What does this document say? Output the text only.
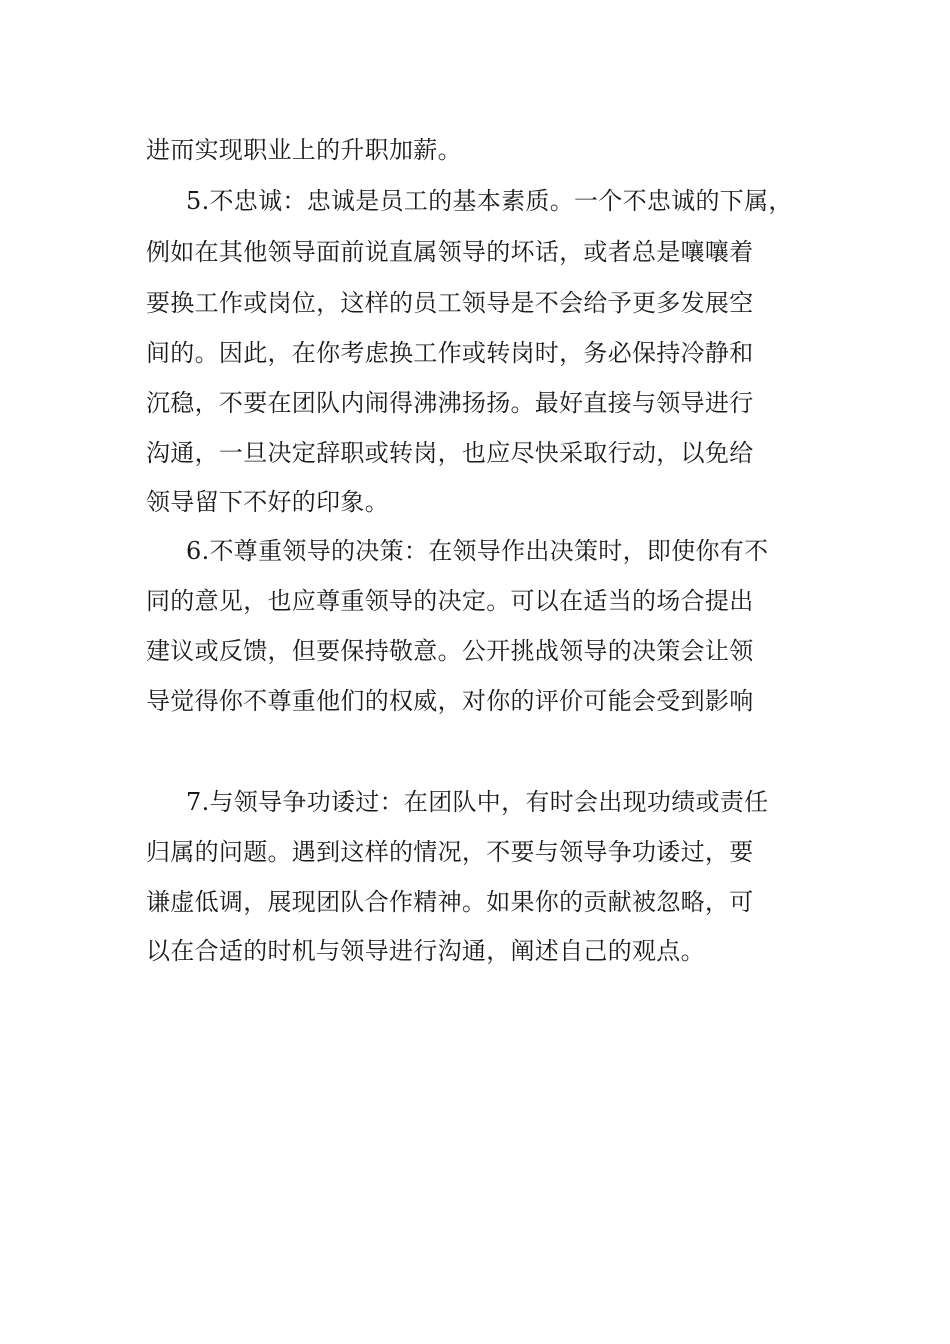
进而实现职业上的升职加薪。
5.不忠诚：忠诚是员工的基本素质。一个不忠诚的下属，
例如在其他领导面前说直属领导的坏话，或者总是嚷嚷着
要换工作或岗位，这样的员工领导是不会给予更多发展空
间的。因此，在你考虑换工作或转岗时，务必保持冷静和
沉稳，不要在团队内闹得沸沸扬扬。最好直接与领导进行
沟通，一旦决定辞职或转岗，也应尽快采取行动，以免给
领导留下不好的印象。
6.不尊重领导的决策：在领导作出决策时，即使你有不
同的意见，也应尊重领导的决定。可以在适当的场合提出
建议或反馈，但要保持敬意。公开挑战领导的决策会让领
导觉得你不尊重他们的权威，对你的评价可能会受到影响
7.与领导争功诿过：在团队中，有时会出现功绩或责任
归属的问题。遇到这样的情况，不要与领导争功诿过，要
谦虚低调，展现团队合作精神。如果你的贡献被忽略，可
以在合适的时机与领导进行沟通，阐述自己的观点。
